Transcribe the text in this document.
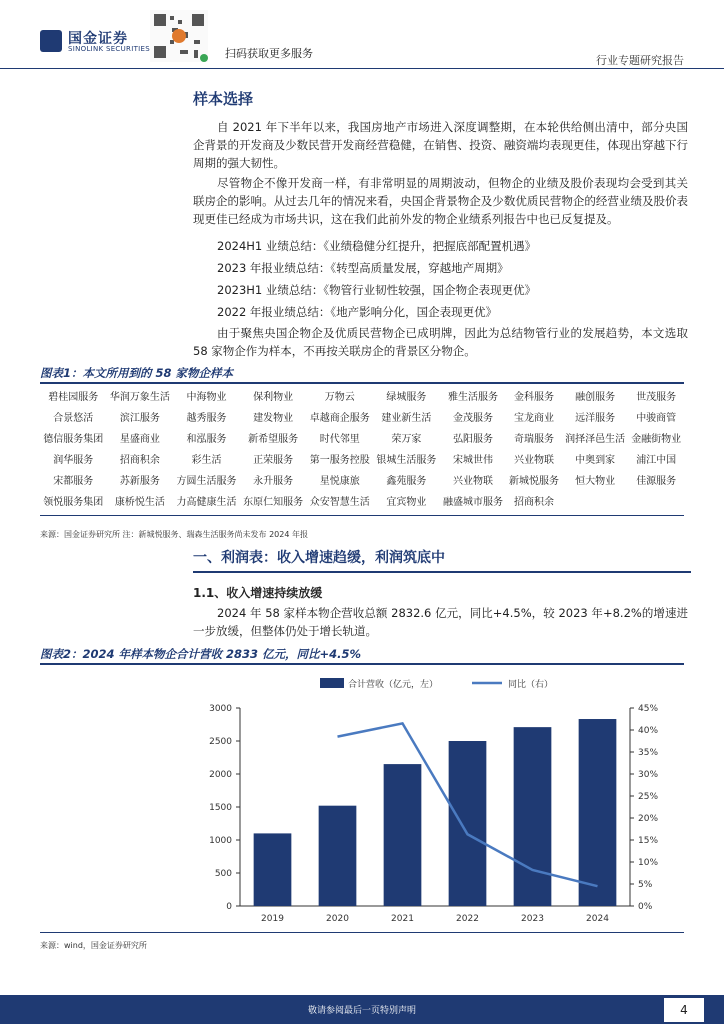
国金证券
SINOLINK SECURITIES	扫码获取更多服务
行业专题研究报告
样本选择
自 2021 年下半年以来，我国房地产市场进入深度调整期，在本轮供给侧出清中，部分央国企背景的开发商及少数民营开发商经营稳健，在销售、投资、融资端均表现更佳，体现出穿越下行周期的强大韧性。
尽管物企不像开发商一样，有非常明显的周期波动，但物企的业绩及股价表现均会受到其关联房企的影响。从过去几年的情况来看，央国企背景物企及少数优质民营物企的经营业绩及股价表现更佳已经成为市场共识，这在我们此前外发的物企业绩系列报告中也已反复提及。
2024H1 业绩总结：《业绩稳健分红提升，把握底部配置机遇》
2023 年报业绩总结：《转型高质量发展，穿越地产周期》
2023H1 业绩总结：《物管行业韧性较强，国企物企表现更优》
2022 年报业绩总结：《地产影响分化，国企表现更优》
由于聚焦央国企物企及优质民营物企已成明牌，因此为总结物管行业的发展趋势，本文选取 58 家物企作为样本，不再按关联房企的背景区分物企。
图表1：本文所用到的 58 家物企样本
碧桂园服务	华润万象生活	中海物业	保利物业	万物云	绿城服务	雅生活服务	金科服务	融创服务	世茂服务
合景悠活	滨江服务	越秀服务	建发物业	卓越商企服务	建业新生活	金茂服务	宝龙商业	远洋服务	中骏商管
德信服务集团	星盛商业	和泓服务	新希望服务	时代邻里	荣万家	弘阳服务	奇瑞服务	润择泽邑生活	金融街物业
润华服务	招商积余	彩生活	正荣服务	第一服务控股	银城生活服务	宋城世伟	兴业物联	中奥到家	浦江中国
宋都服务	苏新服务	方圆生活服务	永升服务	星悦康旅	鑫苑服务	兴业物联	新城悦服务	恒大物业	佳源服务
领悦服务集团	康桥悦生活	力高健康生活	东原仁知服务	众安智慧生活	宜宾物业	融盛城市服务	招商积余		
来源：国金证券研究所 注：新城悦服务、瑞森生活服务尚未发布 2024 年报
一、利润表：收入增速趋缓，利润筑底中
1.1、收入增速持续放缓
2024 年 58 家样本物企营收总额 2832.6 亿元，同比+4.5%，较 2023 年+8.2%的增速进一步放缓，但整体仍处于增长轨道。
图表2：2024 年样本物企合计营收 2833 亿元，同比+4.5%
0
500
1000
1500
2000
2500
3000
0%
5%
10%
15%
20%
25%
30%
35%
40%
45%
2019	2020	2021	2022	2023	2024
合计营收（亿元，左）	同比（右）
来源：wind，国金证券研究所
敬请参阅最后一页特别声明	4
